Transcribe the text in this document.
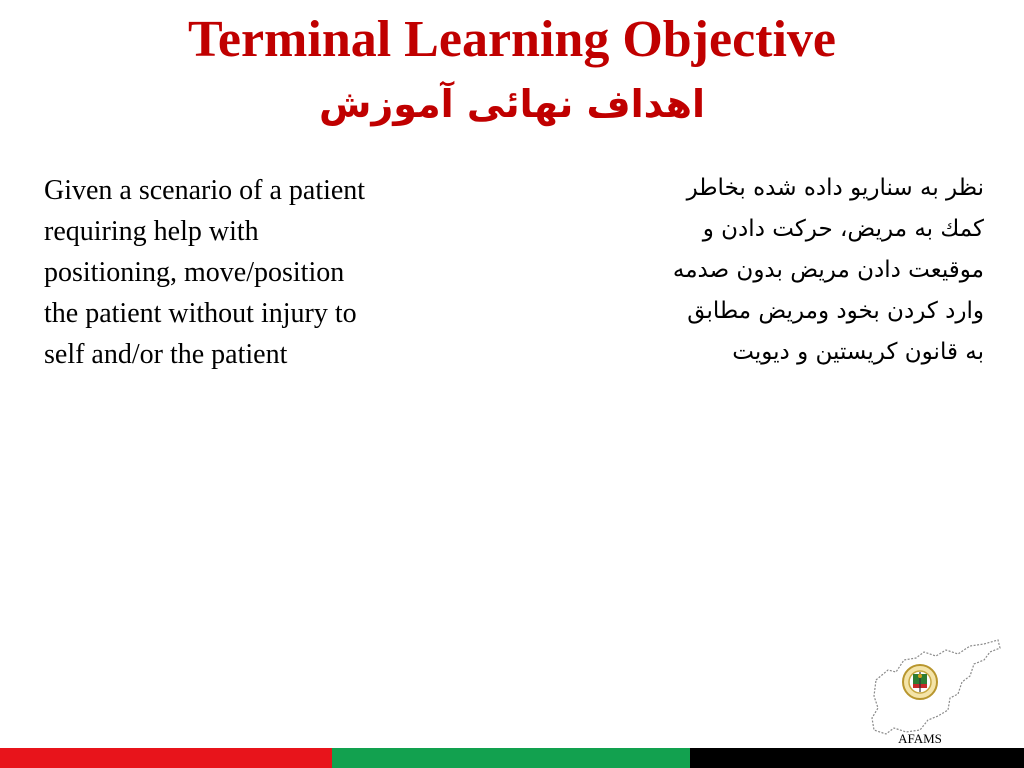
Terminal Learning Objective
اهداف نهائی آموزش
Given a scenario of a patient
requiring help with
positioning, move/position
the patient without injury to
self and/or the patient
نظر به سناریو داده شده بخاطر
کمك به مریض، حرکت دادن و
موقیعت دادن مریض بدون صدمه
وارد کردن بخود ومریض مطابق
به قانون کریستین و دیویت
AFAMS
